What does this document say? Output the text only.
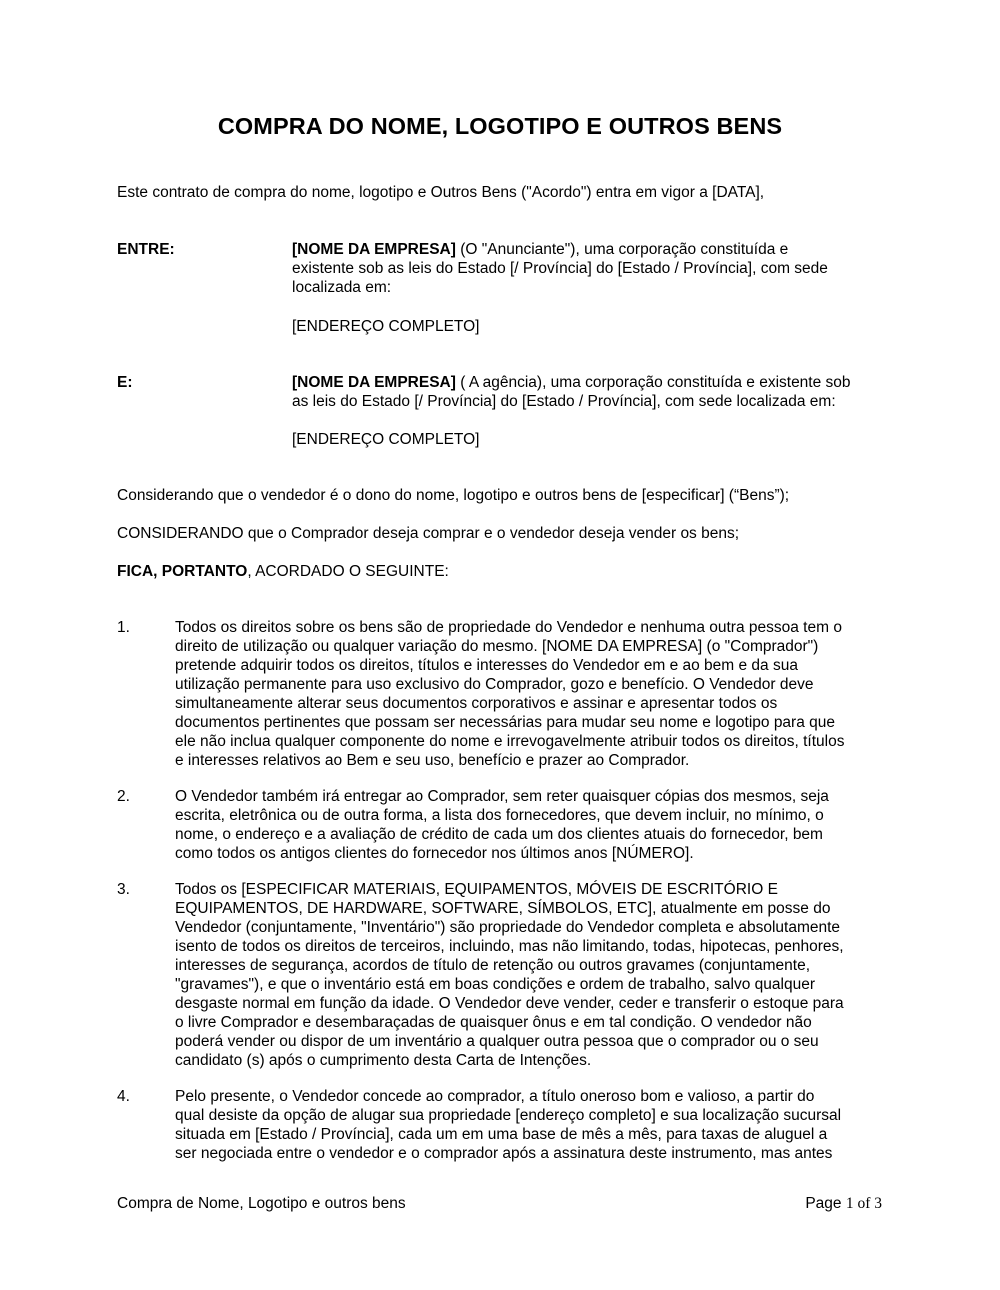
COMPRA DO NOME, LOGOTIPO E OUTROS BENS
Este contrato de compra do nome, logotipo e Outros Bens ("Acordo") entra em vigor a [DATA],
ENTRE:	[NOME DA EMPRESA] (O "Anunciante"), uma corporação constituída e
existente sob as leis do Estado [/ Província] do [Estado / Província], com sede
localizada em:
[ENDEREÇO COMPLETO]
E:	[NOME DA EMPRESA] ( A agência), uma corporação constituída e existente sob
as leis do Estado [/ Província] do [Estado / Província], com sede localizada em:
[ENDEREÇO COMPLETO]
Considerando que o vendedor é o dono do nome, logotipo e outros bens de [especificar] (“Bens”);
CONSIDERANDO que o Comprador deseja comprar e o vendedor deseja vender os bens;
FICA, PORTANTO, ACORDADO O SEGUINTE:
1.	Todos os direitos sobre os bens são de propriedade do Vendedor e nenhuma outra pessoa tem o
direito de utilização ou qualquer variação do mesmo. [NOME DA EMPRESA] (o "Comprador")
pretende adquirir todos os direitos, títulos e interesses do Vendedor em e ao bem e da sua
utilização permanente para uso exclusivo do Comprador, gozo e benefício. O Vendedor deve
simultaneamente alterar seus documentos corporativos e assinar e apresentar todos os
documentos pertinentes que possam ser necessárias para mudar seu nome e logotipo para que
ele não inclua qualquer componente do nome e irrevogavelmente atribuir todos os direitos, títulos
e interesses relativos ao Bem e seu uso, benefício e prazer ao Comprador.
2.	O Vendedor também irá entregar ao Comprador, sem reter quaisquer cópias dos mesmos, seja
escrita, eletrônica ou de outra forma, a lista dos fornecedores, que devem incluir, no mínimo, o
nome, o endereço e a avaliação de crédito de cada um dos clientes atuais do fornecedor, bem
como todos os antigos clientes do fornecedor nos últimos anos [NÚMERO].
3.	Todos os [ESPECIFICAR MATERIAIS, EQUIPAMENTOS, MÓVEIS DE ESCRITÓRIO E
EQUIPAMENTOS, DE HARDWARE, SOFTWARE, SÍMBOLOS, ETC], atualmente em posse do
Vendedor (conjuntamente, "Inventário") são propriedade do Vendedor completa e absolutamente
isento de todos os direitos de terceiros, incluindo, mas não limitando, todas, hipotecas, penhores,
interesses de segurança, acordos de título de retenção ou outros gravames (conjuntamente,
"gravames"), e que o inventário está em boas condições e ordem de trabalho, salvo qualquer
desgaste normal em função da idade. O Vendedor deve vender, ceder e transferir o estoque para
o livre Comprador e desembaraçadas de quaisquer ônus e em tal condição. O vendedor não
poderá vender ou dispor de um inventário a qualquer outra pessoa que o comprador ou o seu
candidato (s) após o cumprimento desta Carta de Intenções.
4.	Pelo presente, o Vendedor concede ao comprador, a título oneroso bom e valioso, a partir do
qual desiste da opção de alugar sua propriedade [endereço completo] e sua localização sucursal
situada em [Estado / Província], cada um em uma base de mês a mês, para taxas de aluguel a
ser negociada entre o vendedor e o comprador após a assinatura deste instrumento, mas antes
Compra de Nome, Logotipo e outros bens	Page 1 of 3
